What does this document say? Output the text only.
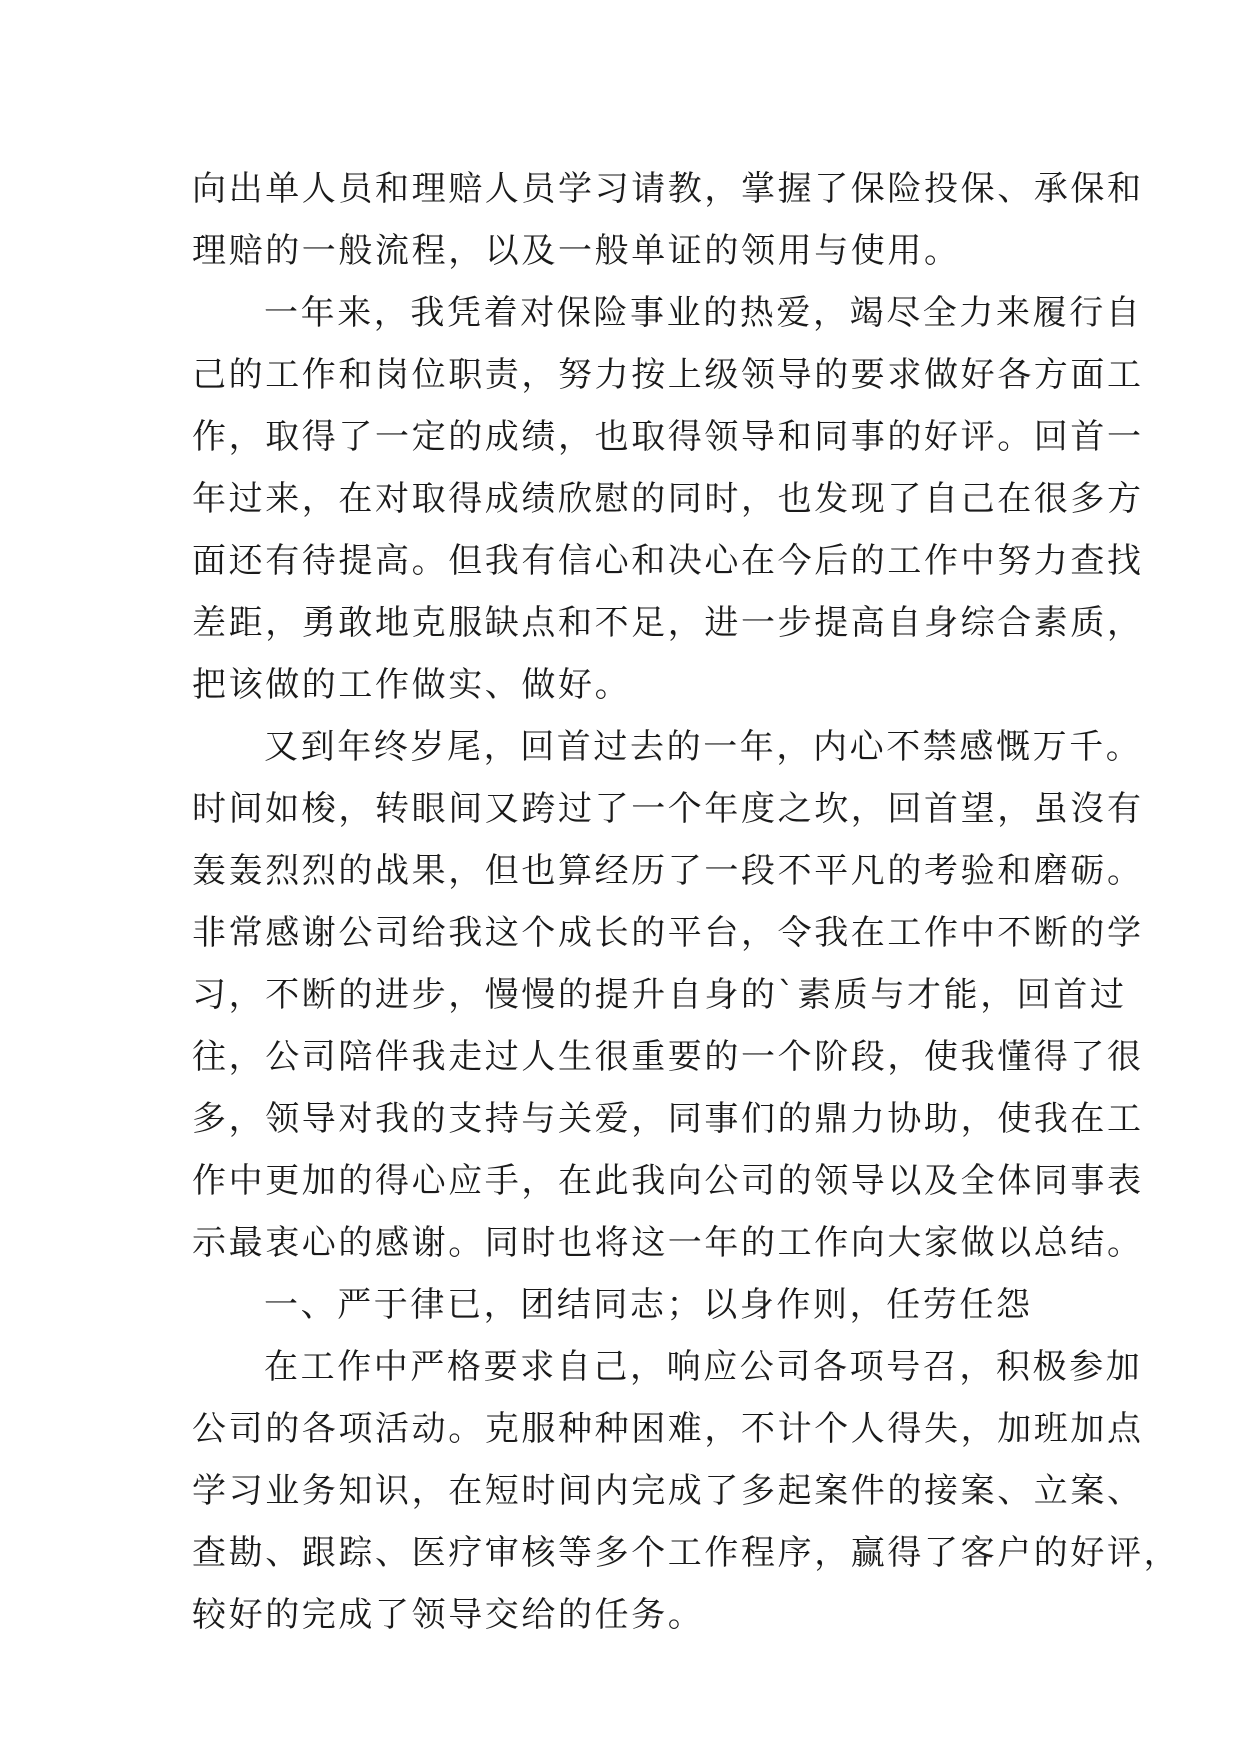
向出单人员和理赔人员学习请教，掌握了保险投保、承保和
理赔的一般流程，以及一般单证的领用与使用。
一年来，我凭着对保险事业的热爱，竭尽全力来履行自
己的工作和岗位职责，努力按上级领导的要求做好各方面工
作，取得了一定的成绩，也取得领导和同事的好评。回首一
年过来，在对取得成绩欣慰的同时，也发现了自己在很多方
面还有待提高。但我有信心和决心在今后的工作中努力查找
差距，勇敢地克服缺点和不足，进一步提高自身综合素质，
把该做的工作做实、做好。
又到年终岁尾，回首过去的一年，内心不禁感慨万千。
时间如梭，转眼间又跨过了一个年度之坎，回首望，虽沒有
轰轰烈烈的战果，但也算经历了一段不平凡的考验和磨砺。
非常感谢公司给我这个成长的平台，令我在工作中不断的学
习，不断的进步，慢慢的提升自身的`素质与才能，回首过
往，公司陪伴我走过人生很重要的一个阶段，使我懂得了很
多，领导对我的支持与关爱，同事们的鼎力协助，使我在工
作中更加的得心应手，在此我向公司的领导以及全体同事表
示最衷心的感谢。同时也将这一年的工作向大家做以总结。
一、严于律已，团结同志；以身作则，任劳任怨
在工作中严格要求自己，响应公司各项号召，积极参加
公司的各项活动。克服种种困难，不计个人得失，加班加点
学习业务知识，在短时间内完成了多起案件的接案、立案、
查勘、跟踪、医疗审核等多个工作程序，赢得了客户的好评，
较好的完成了领导交给的任务。
